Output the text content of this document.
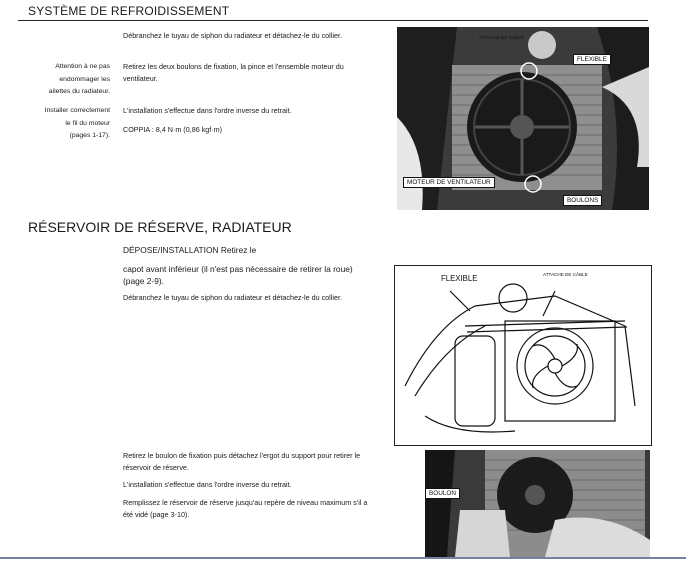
SYSTÈME DE REFROIDISSEMENT
Attention à ne pas
endommager les
ailettes du radiateur.
Installer correctement
le fil du moteur
(pages 1-17).
Débranchez le tuyau de siphon du radiateur et détachez-le du collier.
Retirez les deux boulons de fixation, la pince et l'ensemble moteur du
ventilateur.
L'installation s'effectue dans l'ordre inverse du retrait.
COPPIA : 8,4 N·m (0,86 kgf·m)
ATTACHE DE CÂBLE
FLEXIBLE
MOTEUR DE VENTILATEUR
BOULONS
RÉSERVOIR DE RÉSERVE, RADIATEUR
DÉPOSE/INSTALLATION Retirez le
capot avant inférieur (il n'est pas nécessaire de retirer la roue)
(page 2-9).
Débranchez le tuyau de siphon du radiateur et détachez-le du collier.
FLEXIBLE	ATTACHE DE CÂBLE
Retirez le boulon de fixation puis détachez l'ergot du support pour retirer le
réservoir de réserve.
L'installation s'effectue dans l'ordre inverse du retrait.
Remplissez le réservoir de réserve jusqu'au repère de niveau maximum s'il a
été vidé (page 3-10).
BOULON
